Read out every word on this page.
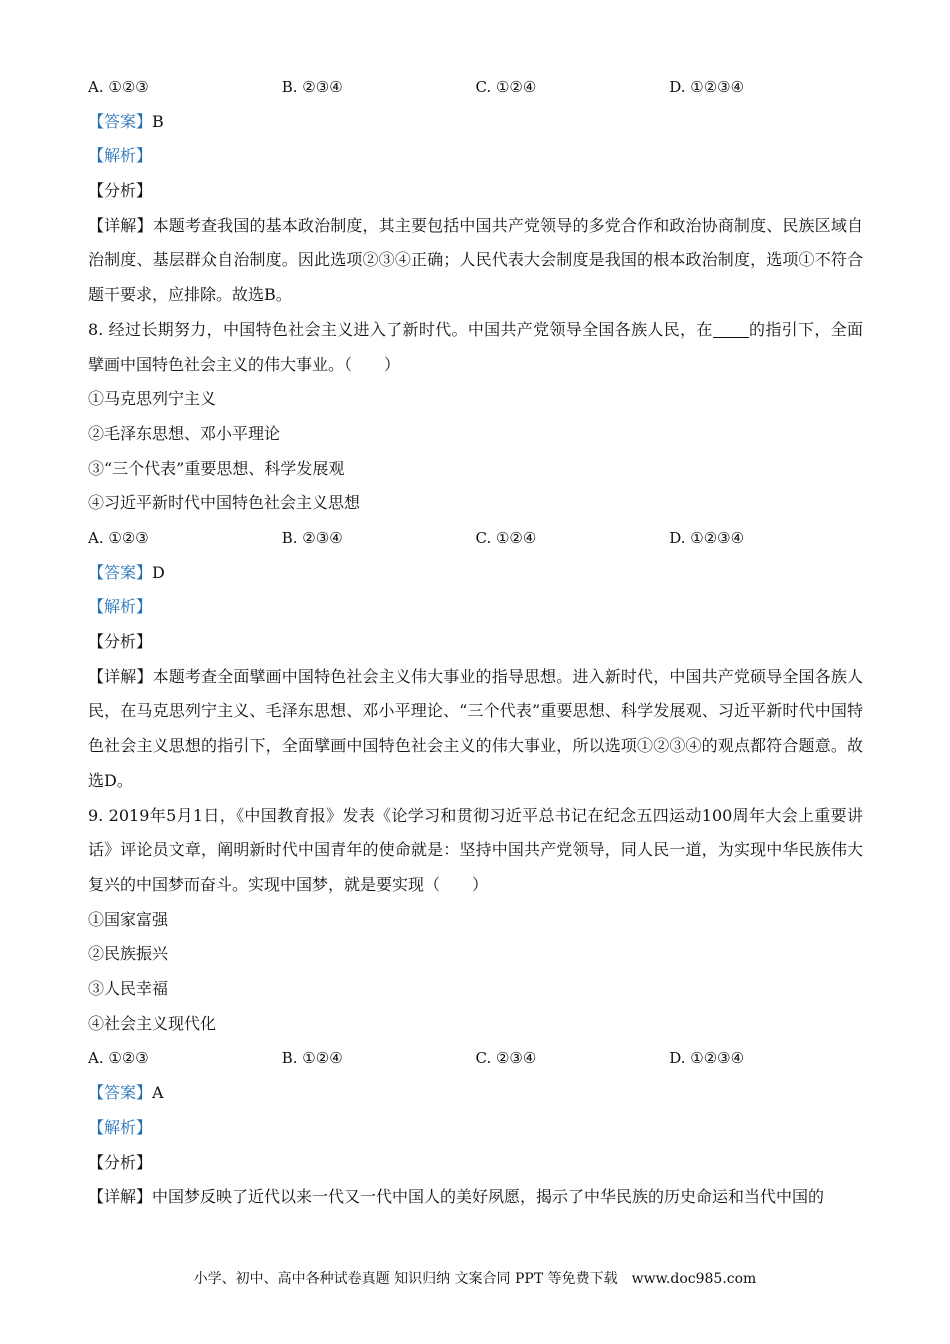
A. ①②③	B. ②③④	C. ①②④	D. ①②③④
【答案】B
【解析】
【分析】
【详解】本题考查我国的基本政治制度，其主要包括中国共产党领导的多党合作和政治协商制度、民族区域自治制度、基层群众自治制度。因此选项②③④正确；人民代表大会制度是我国的根本政治制度，选项①不符合题干要求，应排除。故选B。
8. 经过长期努力，中国特色社会主义进入了新时代。中国共产党领导全国各族人民，在 的指引下，全面擘画中国特色社会主义的伟大事业。（　　）
①马克思列宁主义
②毛泽东思想、邓小平理论
③“三个代表”重要思想、科学发展观
④习近平新时代中国特色社会主义思想
A. ①②③	B. ②③④	C. ①②④	D. ①②③④
【答案】D
【解析】
【分析】
【详解】本题考查全面擘画中国特色社会主义伟大事业的指导思想。进入新时代，中国共产党硕导全国各族人民，在马克思列宁主义、毛泽东思想、邓小平理论、“三个代表”重要思想、科学发展观、习近平新时代中国特色社会主义思想的指引下，全面擘画中国特色社会主义的伟大事业，所以选项①②③④的观点都符合题意。故选D。
9. 2019年5月1日，《中国教育报》发表《论学习和贯彻习近平总书记在纪念五四运动100周年大会上重要讲话》评论员文章，阐明新时代中国青年的使命就是：坚持中国共产党领导，同人民一道，为实现中华民族伟大复兴的中国梦而奋斗。实现中国梦，就是要实现（　　）
①国家富强
②民族振兴
③人民幸福
④社会主义现代化
A. ①②③	B. ①②④	C. ②③④	D. ①②③④
【答案】A
【解析】
【分析】
【详解】中国梦反映了近代以来一代又一代中国人的美好夙愿，揭示了中华民族的历史命运和当代中国的
小学、初中、高中各种试卷真题 知识归纳 文案合同 PPT 等免费下载　www.doc985.com
